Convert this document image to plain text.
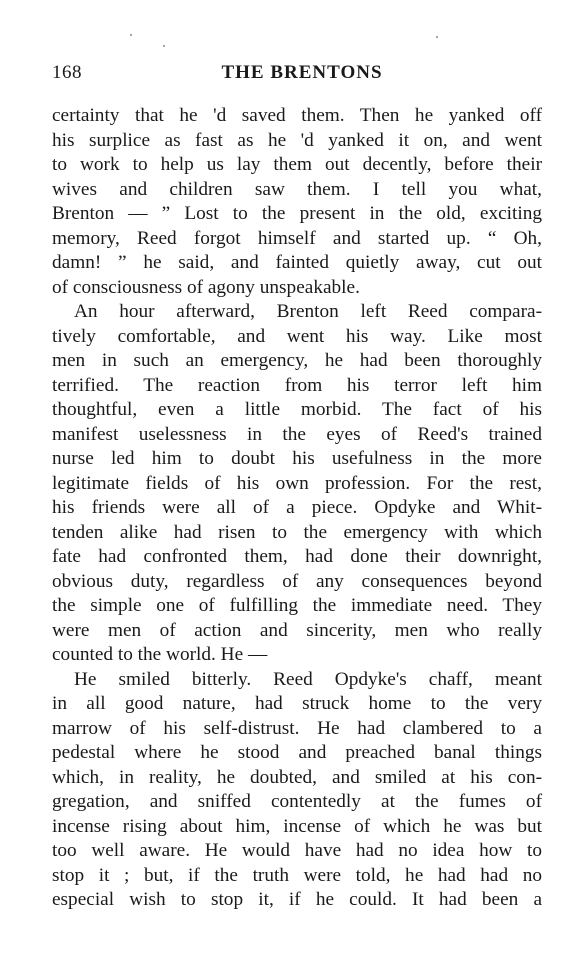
168	THE BRENTONS

certainty that he 'd saved them. Then he yanked off
his surplice as fast as he 'd yanked it on, and went
to work to help us lay them out decently, before their
wives and children saw them. I tell you what,
Brenton — ” Lost to the present in the old, exciting
memory, Reed forgot himself and started up. “ Oh,
damn! ” he said, and fainted quietly away, cut out
of consciousness of agony unspeakable.

An hour afterward, Brenton left Reed compara-
tively comfortable, and went his way. Like most
men in such an emergency, he had been thoroughly
terrified. The reaction from his terror left him
thoughtful, even a little morbid. The fact of his
manifest uselessness in the eyes of Reed's trained
nurse led him to doubt his usefulness in the more
legitimate fields of his own profession. For the rest,
his friends were all of a piece. Opdyke and Whit-
tenden alike had risen to the emergency with which
fate had confronted them, had done their downright,
obvious duty, regardless of any consequences beyond
the simple one of fulfilling the immediate need. They
were men of action and sincerity, men who really
counted to the world. He —

He smiled bitterly. Reed Opdyke's chaff, meant
in all good nature, had struck home to the very
marrow of his self-distrust. He had clambered to a
pedestal where he stood and preached banal things
which, in reality, he doubted, and smiled at his con-
gregation, and sniffed contentedly at the fumes of
incense rising about him, incense of which he was but
too well aware. He would have had no idea how to
stop it ; but, if the truth were told, he had had no
especial wish to stop it, if he could. It had been a
